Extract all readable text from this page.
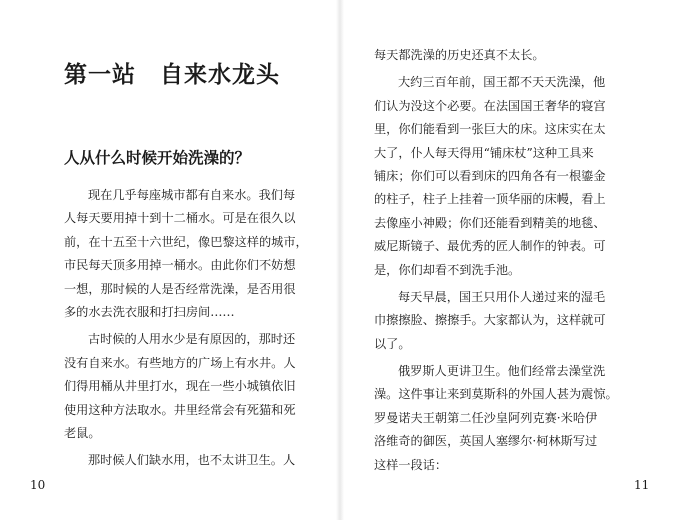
第一站　自来水龙头
人从什么时候开始洗澡的？
现在几乎每座城市都有自来水。我们每
人每天要用掉十到十二桶水。可是在很久以
前，在十五至十六世纪，像巴黎这样的城市，
市民每天顶多用掉一桶水。由此你们不妨想
一想，那时候的人是否经常洗澡，是否用很
多的水去洗衣服和打扫房间……
古时候的人用水少是有原因的，那时还
没有自来水。有些地方的广场上有水井。人
们得用桶从井里打水，现在一些小城镇依旧
使用这种方法取水。井里经常会有死猫和死
老鼠。
那时候人们缺水用，也不太讲卫生。人
10
每天都洗澡的历史还真不太长。
大约三百年前，国王都不天天洗澡，他
们认为没这个必要。在法国国王奢华的寝宫
里，你们能看到一张巨大的床。这床实在太
大了，仆人每天得用“铺床杖”这种工具来
铺床；你们可以看到床的四角各有一根鎏金
的柱子，柱子上挂着一顶华丽的床幔，看上
去像座小神殿；你们还能看到精美的地毯、
威尼斯镜子、最优秀的匠人制作的钟表。可
是，你们却看不到洗手池。
每天早晨，国王只用仆人递过来的湿毛
巾擦擦脸、擦擦手。大家都认为，这样就可
以了。
俄罗斯人更讲卫生。他们经常去澡堂洗
澡。这件事让来到莫斯科的外国人甚为震惊。
罗曼诺夫王朝第二任沙皇阿列克赛·米哈伊
洛维奇的御医，英国人塞缪尔·柯林斯写过
这样一段话：
11
